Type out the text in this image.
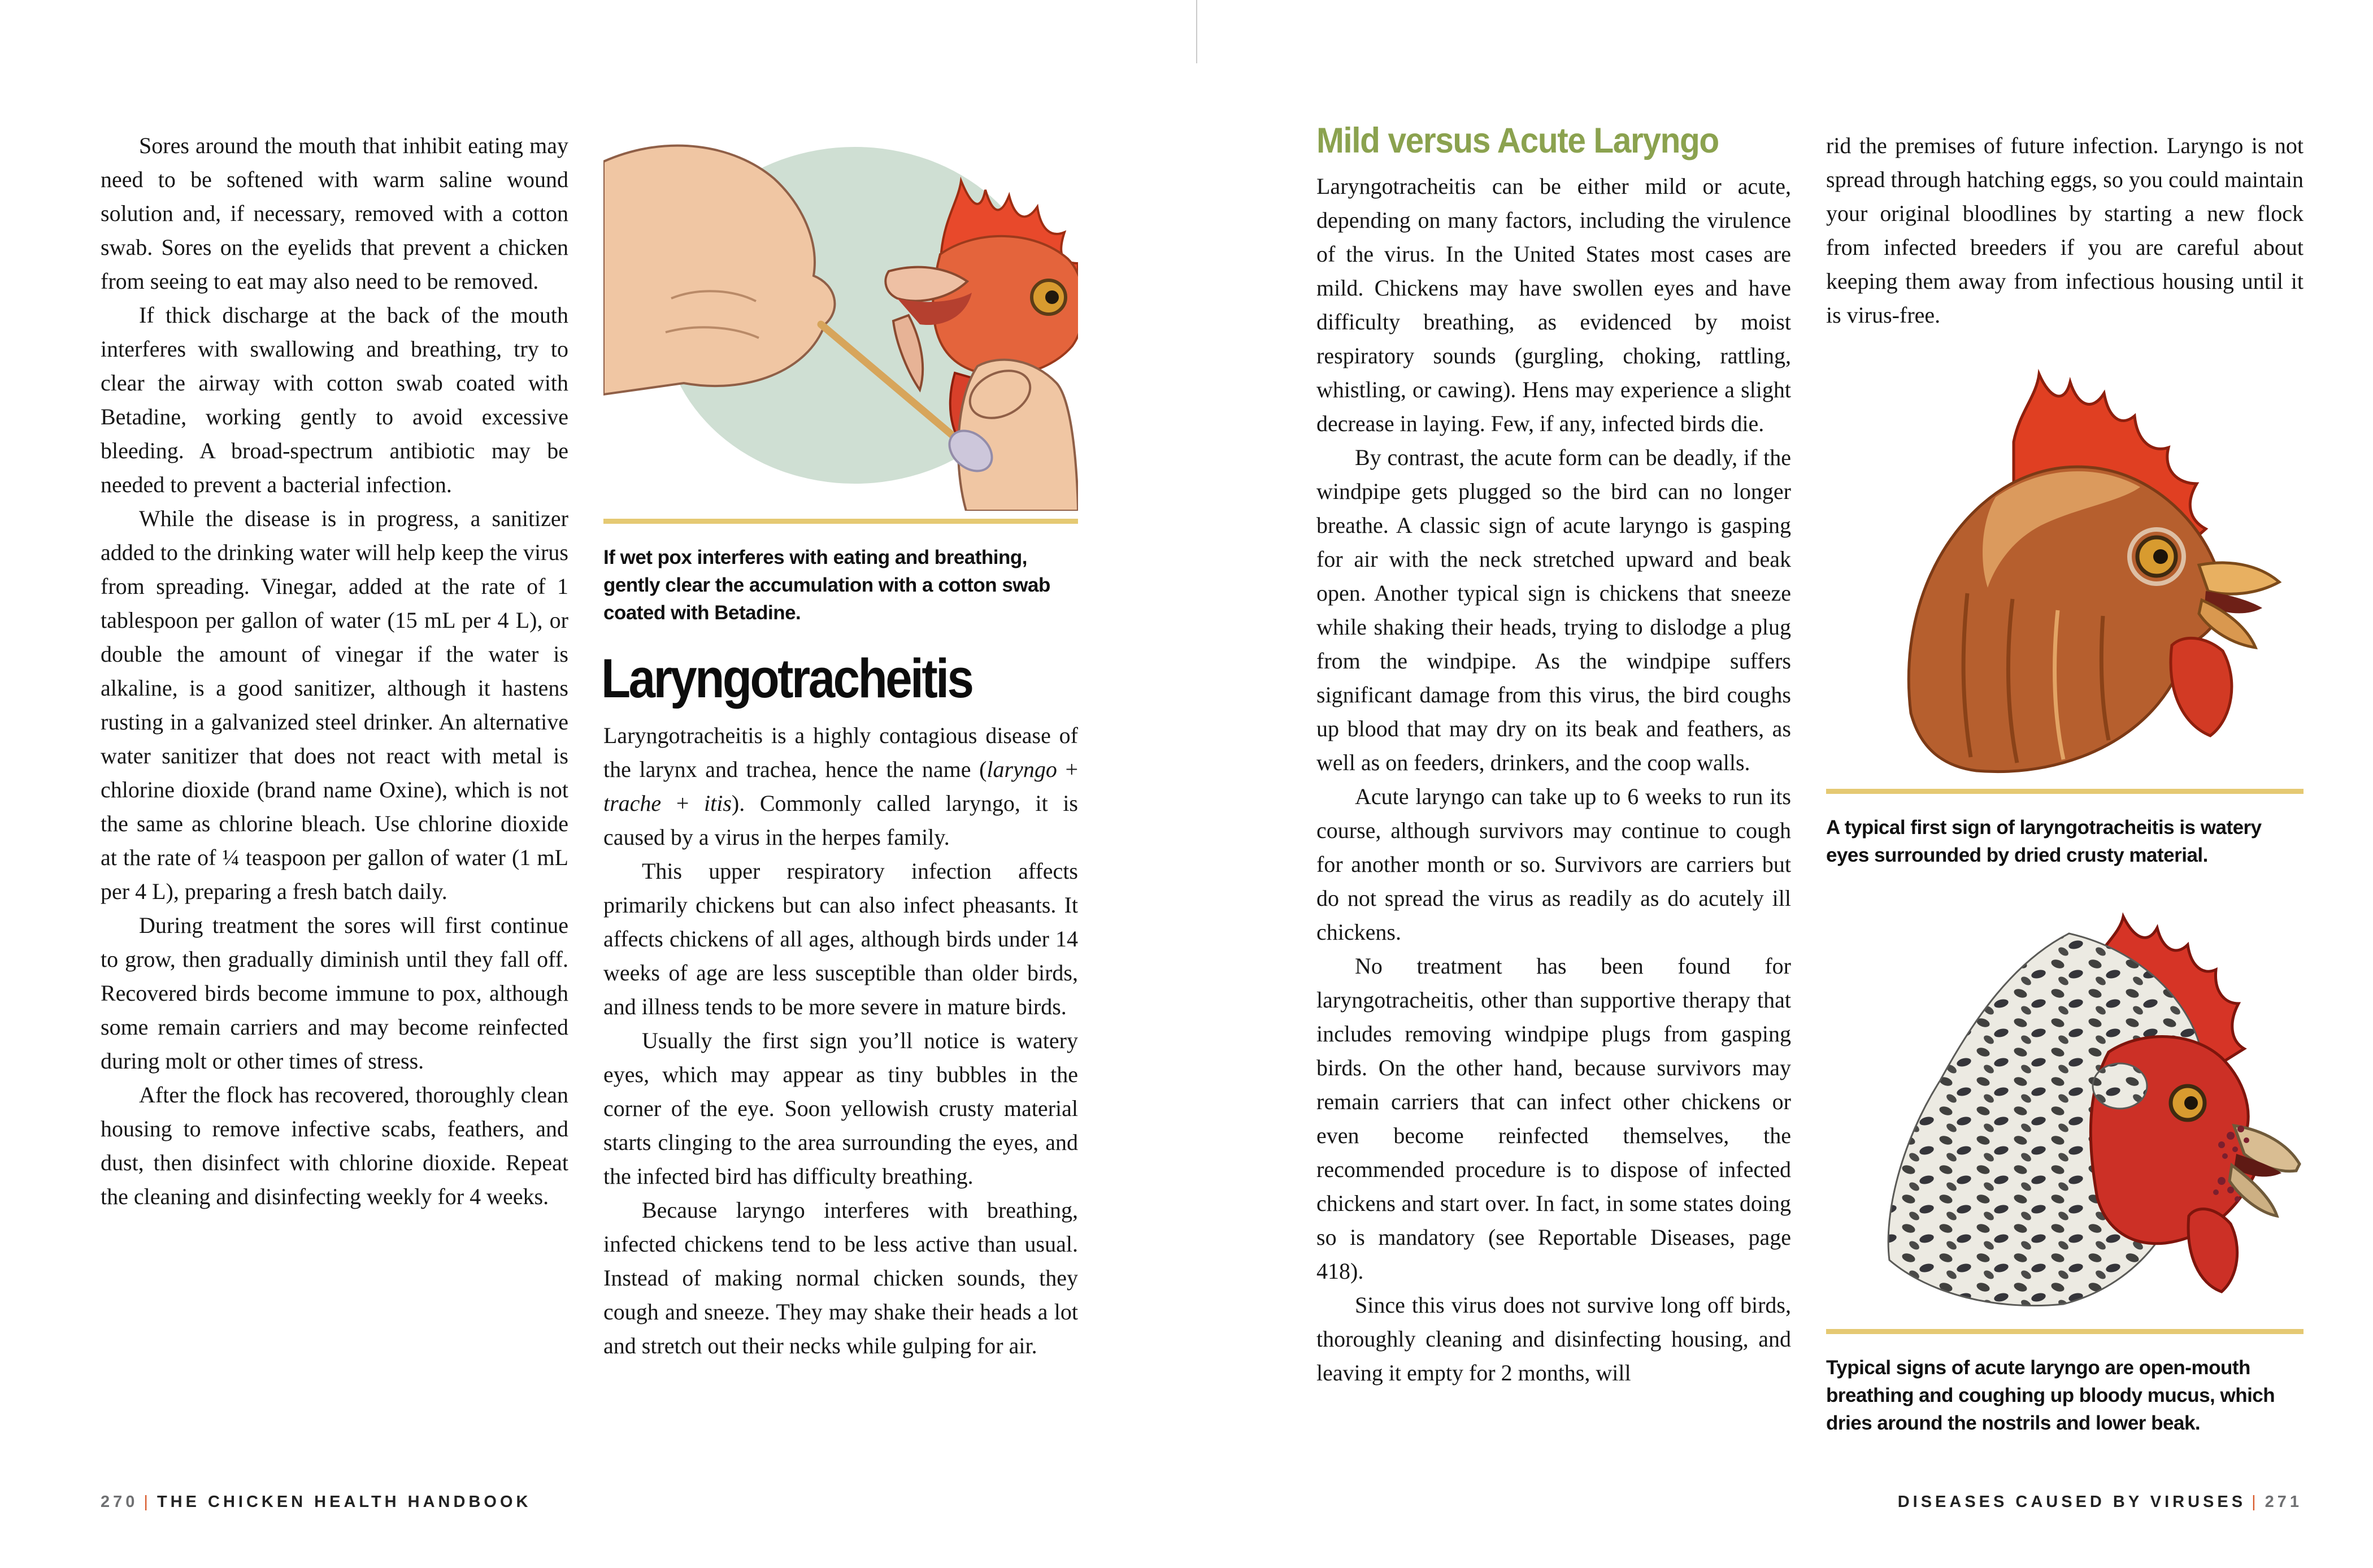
Sores around the mouth that inhibit eating may need to be softened with warm saline wound solution and, if necessary, removed with a cotton swab. Sores on the eyelids that prevent a chicken from seeing to eat may also need to be removed.

If thick discharge at the back of the mouth interferes with swallowing and breathing, try to clear the airway with cotton swab coated with Betadine, working gently to avoid excessive bleeding. A broad-spectrum antibiotic may be needed to prevent a bacterial infection.

While the disease is in progress, a sanitizer added to the drinking water will help keep the virus from spreading. Vinegar, added at the rate of 1 tablespoon per gallon of water (15 mL per 4 L), or double the amount of vinegar if the water is alkaline, is a good sanitizer, although it hastens rusting in a galvanized steel drinker. An alternative water sanitizer that does not react with metal is chlorine dioxide (brand name Oxine), which is not the same as chlorine bleach. Use chlorine dioxide at the rate of ¼ teaspoon per gallon of water (1 mL per 4 L), preparing a fresh batch daily.

During treatment the sores will first continue to grow, then gradually diminish until they fall off. Recovered birds become immune to pox, although some remain carriers and may become reinfected during molt or other times of stress.

After the flock has recovered, thoroughly clean housing to remove infective scabs, feathers, and dust, then disinfect with chlorine dioxide. Repeat the cleaning and disinfecting weekly for 4 weeks.

If wet pox interferes with eating and breathing, gently clear the accumulation with a cotton swab coated with Betadine.
Laryngotracheitis

Laryngotracheitis is a highly contagious disease of the larynx and trachea, hence the name (laryngo + trache + itis). Commonly called laryngo, it is caused by a virus in the herpes family.

This upper respiratory infection affects primarily chickens but can also infect pheasants. It affects chickens of all ages, although birds under 14 weeks of age are less susceptible than older birds, and illness tends to be more severe in mature birds.

Usually the first sign you’ll notice is watery eyes, which may appear as tiny bubbles in the corner of the eye. Soon yellowish crusty material starts clinging to the area surrounding the eyes, and the infected bird has difficulty breathing.

Because laryngo interferes with breathing, infected chickens tend to be less active than usual. Instead of making normal chicken sounds, they cough and sneeze. They may shake their heads a lot and stretch out their necks while gulping for air.

270 | THE CHICKEN HEALTH HANDBOOK
Mild versus Acute Laryngo

Laryngotracheitis can be either mild or acute, depending on many factors, including the virulence of the virus. In the United States most cases are mild. Chickens may have swollen eyes and have difficulty breathing, as evidenced by moist respiratory sounds (gurgling, choking, rattling, whistling, or cawing). Hens may experience a slight decrease in laying. Few, if any, infected birds die.

By contrast, the acute form can be deadly, if the windpipe gets plugged so the bird can no longer breathe. A classic sign of acute laryngo is gasping for air with the neck stretched upward and beak open. Another typical sign is chickens that sneeze while shaking their heads, trying to dislodge a plug from the windpipe. As the windpipe suffers significant damage from this virus, the bird coughs up blood that may dry on its beak and feathers, as well as on feeders, drinkers, and the coop walls.

Acute laryngo can take up to 6 weeks to run its course, although survivors may continue to cough for another month or so. Survivors are carriers but do not spread the virus as readily as do acutely ill chickens.

No treatment has been found for laryngotracheitis, other than supportive therapy that includes removing windpipe plugs from gasping birds. On the other hand, because survivors may remain carriers that can infect other chickens or even become reinfected themselves, the recommended procedure is to dispose of infected chickens and start over. In fact, in some states doing so is mandatory (see Reportable Diseases, page 418).

Since this virus does not survive long off birds, thoroughly cleaning and disinfecting housing, and leaving it empty for 2 months, will

rid the premises of future infection. Laryngo is not spread through hatching eggs, so you could maintain your original bloodlines by starting a new flock from infected breeders if you are careful about keeping them away from infectious housing until it is virus-free.

A typical first sign of laryngotracheitis is watery eyes surrounded by dried crusty material.
Typical signs of acute laryngo are open-mouth breathing and coughing up bloody mucus, which dries around the nostrils and lower beak.
DISEASES CAUSED BY VIRUSES | 271
